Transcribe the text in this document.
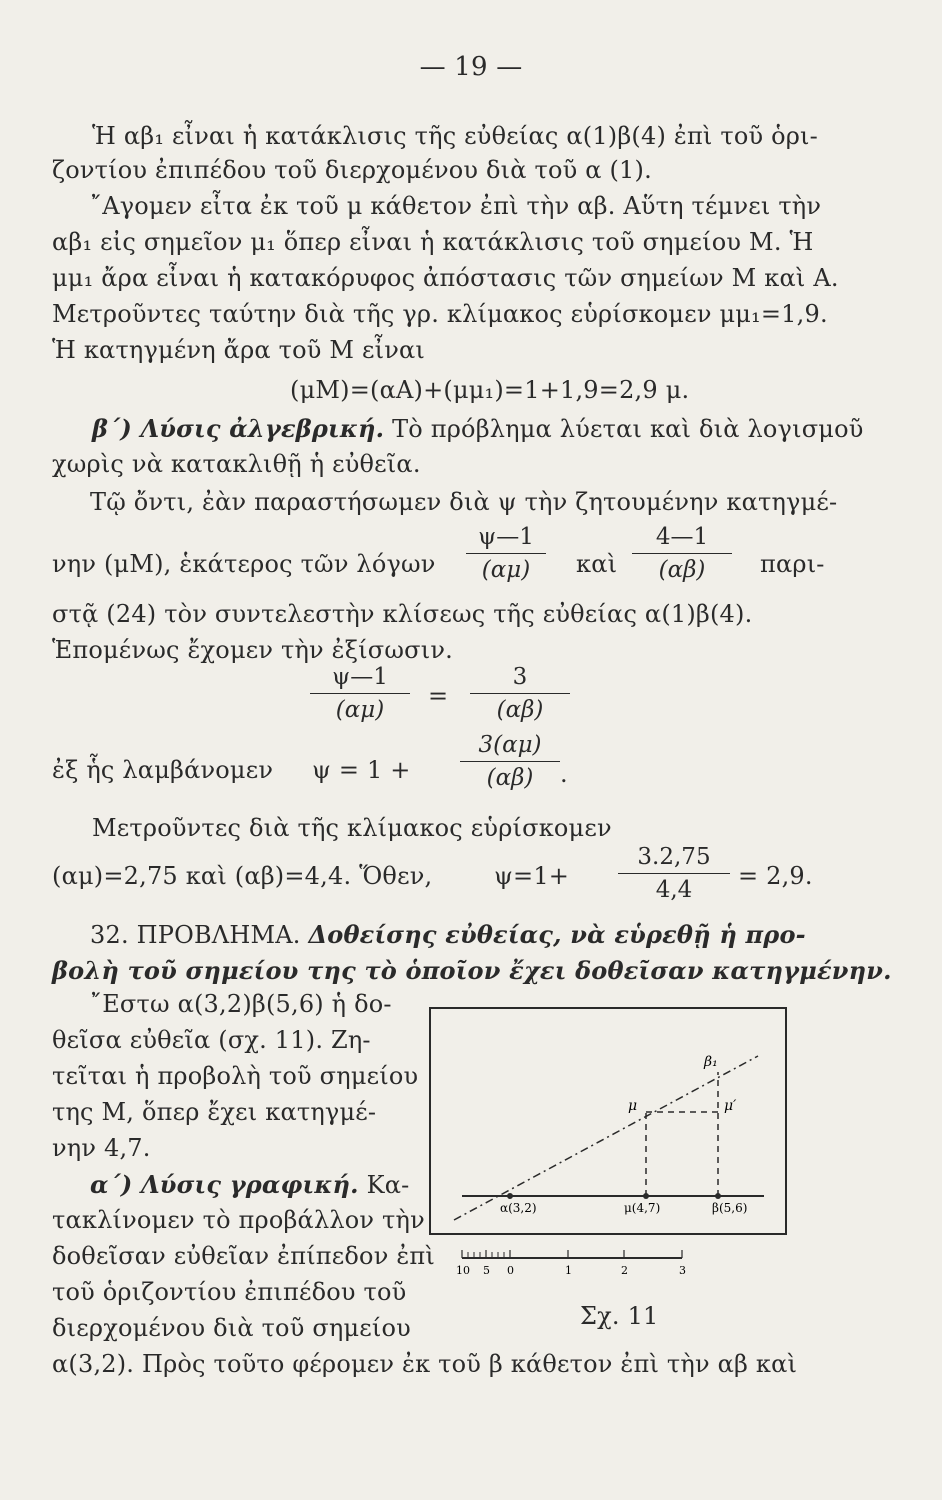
— 19 —
Ἡ αβ₁ εἶναι ἡ κατάκλισις τῆς εὐθείας α(1)β(4) ἐπὶ τοῦ ὁρι-
ζοντίου ἐπιπέδου τοῦ διερχομένου διὰ τοῦ α (1).
῎Αγομεν εἶτα ἐκ τοῦ μ κάθετον ἐπὶ τὴν αβ. Αὕτη τέμνει τὴν
αβ₁ εἰς σημεῖον μ₁ ὅπερ εἶναι ἡ κατάκλισις τοῦ σημείου Μ. Ἡ
μμ₁ ἄρα εἶναι ἡ κατακόρυφος ἀπόστασις τῶν σημείων Μ καὶ Α.
Μετροῦντες ταύτην διὰ τῆς γρ. κλίμακος εὑρίσκομεν μμ₁=1,9.
Ἡ κατηγμένη ἄρα τοῦ Μ εἶναι
(μΜ)=(αΑ)+(μμ₁)=1+1,9=2,9 μ.
β΄) Λύσις ἀλγεβρική. Τὸ πρόβλημα λύεται καὶ διὰ λογισμοῦ
χωρὶς νὰ κατακλιθῇ ἡ εὐθεῖα.
Τῷ ὄντι, ἐὰν παραστήσωμεν διὰ ψ τὴν ζητουμένην κατηγμέ-
νην (μΜ), ἑκάτερος τῶν λόγων
ψ—1
(αμ) καὶ
4—1
(αβ) παρι-
στᾷ (24) τὸν συντελεστὴν κλίσεως τῆς εὐθείας α(1)β(4).
Ἑπομένως ἔχομεν τὴν ἐξίσωσιν.
ψ—1
(αμ) =
3
(αβ)
ἐξ ἧς λαμβάνομεν ψ = 1 +
3(αμ)
(αβ) .
Μετροῦντες διὰ τῆς κλίμακος εὑρίσκομεν
(αμ)=2,75 καὶ (αβ)=4,4. Ὅθεν,	ψ=1+
3.2,75
4,4 = 2,9.
32. ΠΡΟΒΛΗΜΑ. Δοθείσης εὐθείας, νὰ εὑρεθῇ ἡ προ-
βολὴ τοῦ σημείου της τὸ ὁποῖον ἔχει δοθεῖσαν κατηγμένην.
῎Εστω α(3,2)β(5,6) ἡ δο-
θεῖσα εὐθεῖα (σχ. 11). Ζη-
τεῖται ἡ προβολὴ τοῦ σημείου
της Μ, ὅπερ ἔχει κατηγμέ-
νην 4,7.
α΄) Λύσις γραφική. Κα-
τακλίνομεν τὸ προβάλλον τὴν
δοθεῖσαν εὐθεῖαν ἐπίπεδον ἐπὶ
τοῦ ὁριζοντίου ἐπιπέδου τοῦ
διερχομένου διὰ τοῦ σημείου
α(3,2). Πρὸς τοῦτο φέρομεν ἐκ τοῦ β κάθετον ἐπὶ τὴν αβ καὶ
α(3,2)	μ(4,7)	β(5,6)
β₁
μ	μ′
10 5 0	1	2	3
Σχ. 11
